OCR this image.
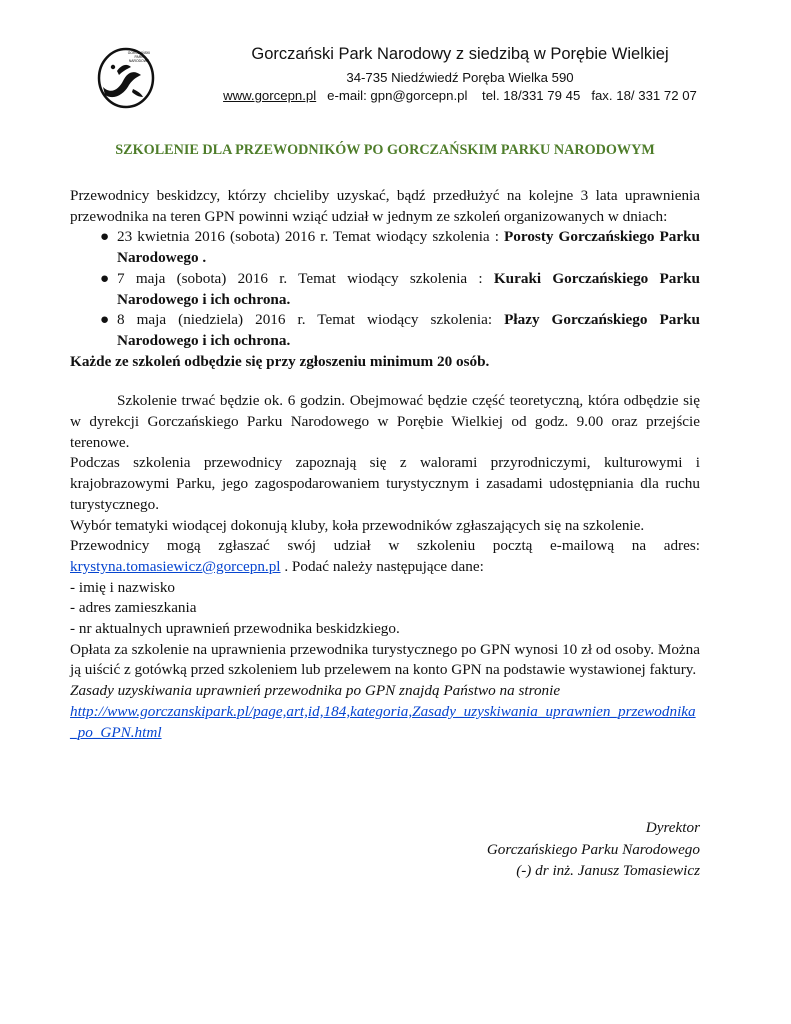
GORCZAŃSKI
PARK
NARODOWY	Gorczański Park Narodowy z siedzibą w Porębie Wielkiej
34-735 Niedźwiedź Poręba Wielka 590
www.gorcepn.pl e-mail: gpn@gorcepn.pl tel. 18/331 79 45 fax. 18/ 331 72 07
SZKOLENIE DLA PRZEWODNIKÓW PO GORCZAŃSKIM PARKU NARODOWYM

Przewodnicy beskidzcy, którzy chcieliby uzyskać, bądź przedłużyć na kolejne 3 lata uprawnienia przewodnika na teren GPN powinni wziąć udział w jednym ze szkoleń organizowanych w dniach:

● 23 kwietnia 2016 (sobota) 2016 r. Temat wiodący szkolenia : Porosty Gorczańskiego Parku Narodowego .
● 7 maja (sobota) 2016 r. Temat wiodący szkolenia : Kuraki Gorczańskiego Parku Narodowego i ich ochrona.
● 8 maja (niedziela) 2016 r. Temat wiodący szkolenia: Płazy Gorczańskiego Parku Narodowego i ich ochrona.

Każde ze szkoleń odbędzie się przy zgłoszeniu minimum 20 osób.

Szkolenie trwać będzie ok. 6 godzin. Obejmować będzie część teoretyczną, która odbędzie się w dyrekcji Gorczańskiego Parku Narodowego w Porębie Wielkiej od godz. 9.00 oraz przejście terenowe.

Podczas szkolenia przewodnicy zapoznają się z walorami przyrodniczymi, kulturowymi i krajobrazowymi Parku, jego zagospodarowaniem turystycznym i zasadami udostępniania dla ruchu turystycznego.

Wybór tematyki wiodącej dokonują kluby, koła przewodników zgłaszających się na szkolenie.

Przewodnicy mogą zgłaszać swój udział w szkoleniu pocztą e-mailową na adres: krystyna.tomasiewicz@gorcepn.pl . Podać należy następujące dane:

- imię i nazwisko

- adres zamieszkania

- nr aktualnych uprawnień przewodnika beskidzkiego.

Opłata za szkolenie na uprawnienia przewodnika turystycznego po GPN wynosi 10 zł od osoby. Można ją uiścić z gotówką przed szkoleniem lub przelewem na konto GPN na podstawie wystawionej faktury.

Zasady uzyskiwania uprawnień przewodnika po GPN znajdą Państwo na stronie

http://www.gorczanskipark.pl/page,art,id,184,kategoria,Zasady_uzyskiwania_uprawnien_przewodnika_po_GPN.html

Dyrektor
Gorczańskiego Parku Narodowego
(-) dr inż. Janusz Tomasiewicz
